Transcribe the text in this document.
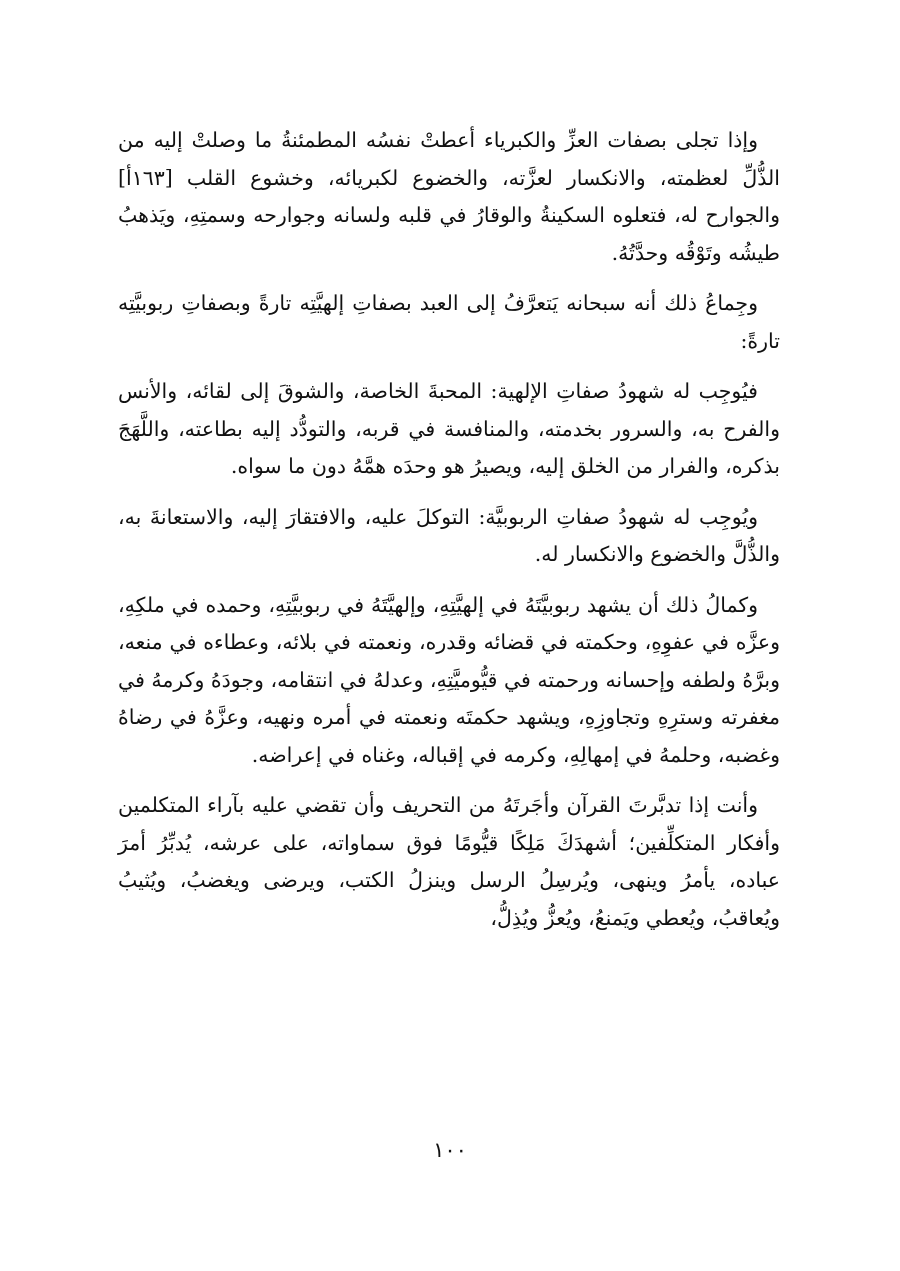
وإذا تجلى بصفات العزِّ والكبرياء أعطتْ نفسُه المطمئنةُ ما وصلتْ إليه من الذُّلِّ لعظمته، والانكسار لعزَّته، والخضوع لكبريائه، وخشوع القلب [١٦٣أ] والجوارح له، فتعلوه السكينةُ والوقارُ في قلبه ولسانه وجوارحه وسمتِهِ، ويَذهبُ طيشُه وتَوْقُه وحدَّتُهُ.

وجِماعُ ذلك أنه سبحانه يَتعرَّفُ إلى العبد بصفاتِ إلهيَّتِه تارةً وبصفاتِ ربوبيَّتِه تارةً:

فيُوجِب له شهودُ صفاتِ الإلهية: المحبةَ الخاصة، والشوقَ إلى لقائه، والأنس والفرح به، والسرور بخدمته، والمنافسة في قربه، والتودُّد إليه بطاعته، واللَّهَجَ بذكره، والفرار من الخلق إليه، ويصيرُ هو وحدَه همَّهُ دون ما سواه.

ويُوجِب له شهودُ صفاتِ الربوبيَّة: التوكلَ عليه، والافتقارَ إليه، والاستعانةَ به، والذُّلَّ والخضوع والانكسار له.

وكمالُ ذلك أن يشهد ربوبيَّتَهُ في إلهيَّتِهِ، وإلهيَّتَهُ في ربوبيَّتِهِ، وحمده في ملكِهِ، وعزَّه في عفوِهِ، وحكمته في قضائه وقدره، ونعمته في بلائه، وعطاءه في منعه، وبرَّهُ ولطفه وإحسانه ورحمته في قيُّوميَّتِهِ، وعدلهُ في انتقامه، وجودَهُ وكرمهُ في مغفرته وسترِهِ وتجاوزِهِ، ويشهد حكمتَه ونعمته في أمره ونهيه، وعزَّهُ في رضاهُ وغضبه، وحلمهُ في إمهالِهِ، وكرمه في إقباله، وغناه في إعراضه.

وأنت إذا تدبَّرتَ القرآن وأجَرتَهُ من التحريف وأن تقضي عليه بآراء المتكلمين وأفكار المتكلِّفين؛ أشهدَكَ مَلِكًا قيُّومًا فوق سماواته، على عرشه، يُدبِّرُ أمرَ عباده، يأمرُ وينهى، ويُرسِلُ الرسل وينزلُ الكتب، ويرضى ويغضبُ، ويُثيبُ ويُعاقبُ، ويُعطي ويَمنعُ، ويُعزُّ ويُذِلُّ،

١٠٠
